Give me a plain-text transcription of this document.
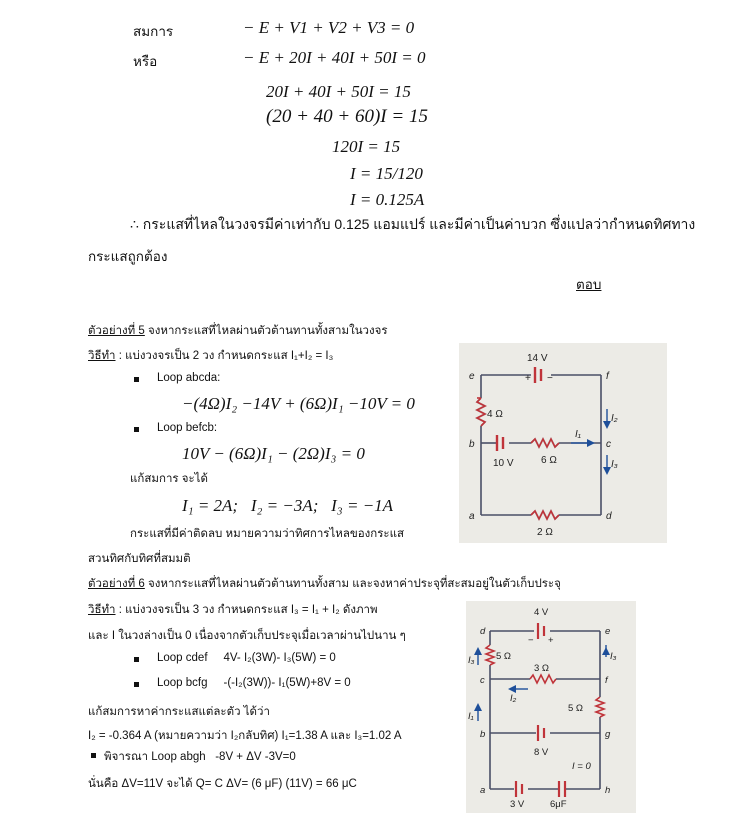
สมการ	− E + V1 + V2 + V3 = 0
หรือ	− E + 20I + 40I + 50I = 0
20I + 40I + 50I = 15
(20 + 40 + 60)I = 15
120I = 15
I = 15/120
I = 0.125A
∴ กระแสที่ไหลในวงจรมีค่าเท่ากับ 0.125 แอมแปร์ และมีค่าเป็นค่าบวก ซึ่งแปลว่ากำหนดทิศทาง
กระแสถูกต้อง
ตอบ
ตัวอย่างที่ 5 จงหากระแสที่ไหลผ่านตัวต้านทานทั้งสามในวงจร
วิธีทำ : แบ่งวงจรเป็น 2 วง กำหนดกระแส I₁+I₂ = I₃
Loop abcda:
−(4Ω)I₂ −14V + (6Ω)I₁ −10V = 0
Loop befcb:
10V − (6Ω)I₁ − (2Ω)I₃ = 0
แก้สมการ จะได้
I₁ = 2A;   I₂ = −3A;   I₃ = −1A
กระแสที่มีค่าติดลบ หมายความว่าทิศการไหลของกระแส
สวนทิศกับทิศที่สมมติ
14 V
+ −
4 Ω
10 V	6 Ω
2 Ω
e	f
b	c
a	d
I₁
I₂
I₃
ตัวอย่างที่ 6 จงหากระแสที่ไหลผ่านตัวต้านทานทั้งสาม และจงหาค่าประจุที่สะสมอยู่ในตัวเก็บประจุ
วิธีทำ : แบ่งวงจรเป็น 3 วง กำหนดกระแส I₃ = I₁ + I₂ ดังภาพ
และ I ในวงล่างเป็น 0 เนื่องจากตัวเก็บประจุเมื่อเวลาผ่านไปนาน ๆ
Loop cdef     4V- I₂(3W)- I₃(5W) = 0
Loop bcfg     -(-I₂(3W))- I₁(5W)+8V = 0
แก้สมการหาค่ากระแสแต่ละตัว ได้ว่า
I₂ = -0.364 A (หมายความว่า I₂กลับทิศ) I₁=1.38 A และ I₃=1.02 A
พิจารณา Loop abgh   -8V + ΔV -3V=0
นั่นคือ ΔV=11V จะได้ Q= C ΔV= (6 μF) (11V) = 66 μC
4 V
− +
5 Ω
3 Ω
5 Ω
8 V
I = 0
3 V	6μF
d	e
c	f
b	g
a	h
I₃	I₃
I₁
I₂
